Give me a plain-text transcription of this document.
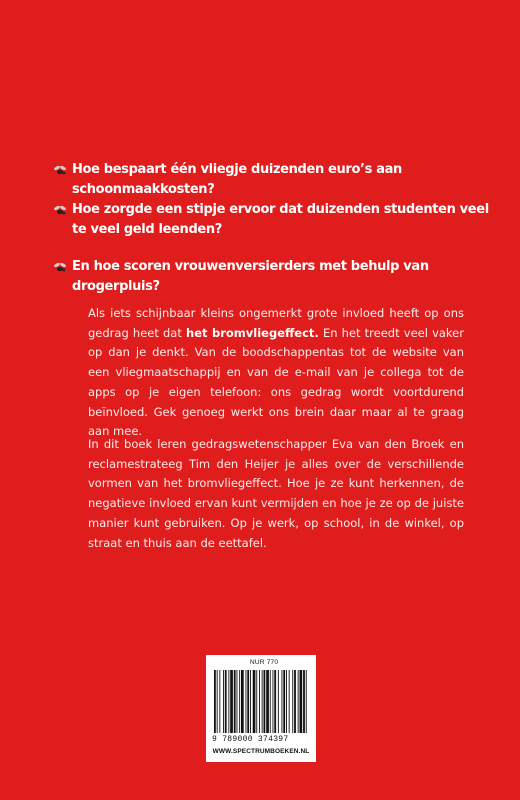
Hoe bespaart één vliegje duizenden euro’s aan schoonmaakkosten?
Hoe zorgde een stipje ervoor dat duizenden studenten veel te veel geld leenden?
En hoe scoren vrouwenversierders met behulp van drogerpluis?

Als iets schijnbaar kleins ongemerkt grote invloed heeft op ons gedrag heet dat het bromvliegeffect. En het treedt veel vaker op dan je denkt. Van de boodschappentas tot de website van een vliegmaatschappij en van de e-mail van je collega tot de apps op je eigen telefoon: ons gedrag wordt voortdurend beïnvloed. Gek genoeg werkt ons brein daar maar al te graag aan mee.

In dit boek leren gedragswetenschapper Eva van den Broek en reclamestrateeg Tim den Heijer je alles over de verschillende vormen van het bromvliegeffect. Hoe je ze kunt herkennen, de negatieve invloed ervan kunt vermijden en hoe je ze op de juiste manier kunt gebruiken. Op je werk, op school, in de winkel, op straat en thuis aan de eettafel.

NUR 770
9 789000 374397
WWW.SPECTRUMBOEKEN.NL
